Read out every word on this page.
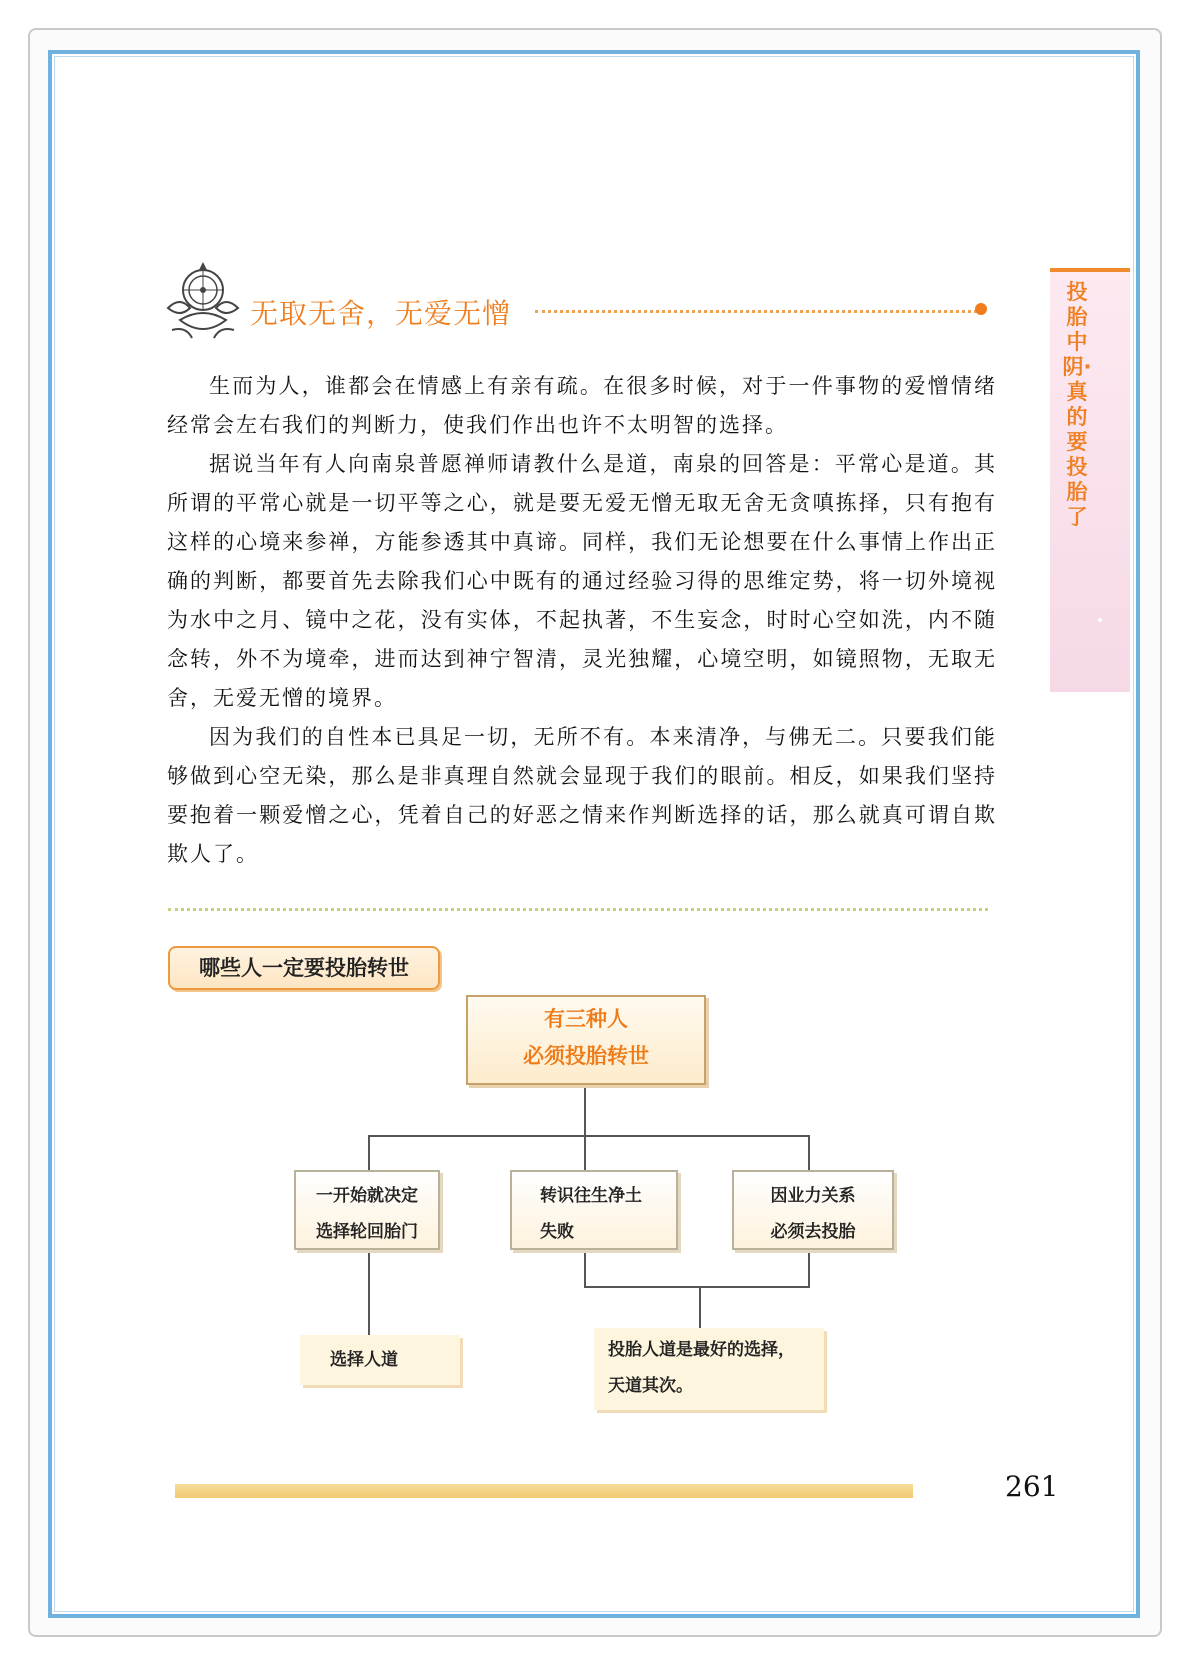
投胎中阴·真的要投胎了
无取无舍，无爱无憎

生而为人，谁都会在情感上有亲有疏。在很多时候，对于一件事物的爱憎情绪经常会左右我们的判断力，使我们作出也许不太明智的选择。

据说当年有人向南泉普愿禅师请教什么是道，南泉的回答是：平常心是道。其所谓的平常心就是一切平等之心，就是要无爱无憎无取无舍无贪嗔拣择，只有抱有这样的心境来参禅，方能参透其中真谛。同样，我们无论想要在什么事情上作出正确的判断，都要首先去除我们心中既有的通过经验习得的思维定势，将一切外境视为水中之月、镜中之花，没有实体，不起执著，不生妄念，时时心空如洗，内不随念转，外不为境牵，进而达到神宁智清，灵光独耀，心境空明，如镜照物，无取无舍，无爱无憎的境界。

因为我们的自性本已具足一切，无所不有。本来清净，与佛无二。只要我们能够做到心空无染，那么是非真理自然就会显现于我们的眼前。相反，如果我们坚持要抱着一颗爱憎之心，凭着自己的好恶之情来作判断选择的话，那么就真可谓自欺欺人了。

哪些人一定要投胎转世
有三种人
必须投胎转世
一开始就决定
选择轮回胎门
转识往生净土
失败
因业力关系
必须去投胎
选择人道	投胎人道是最好的选择，
天道其次。
261
